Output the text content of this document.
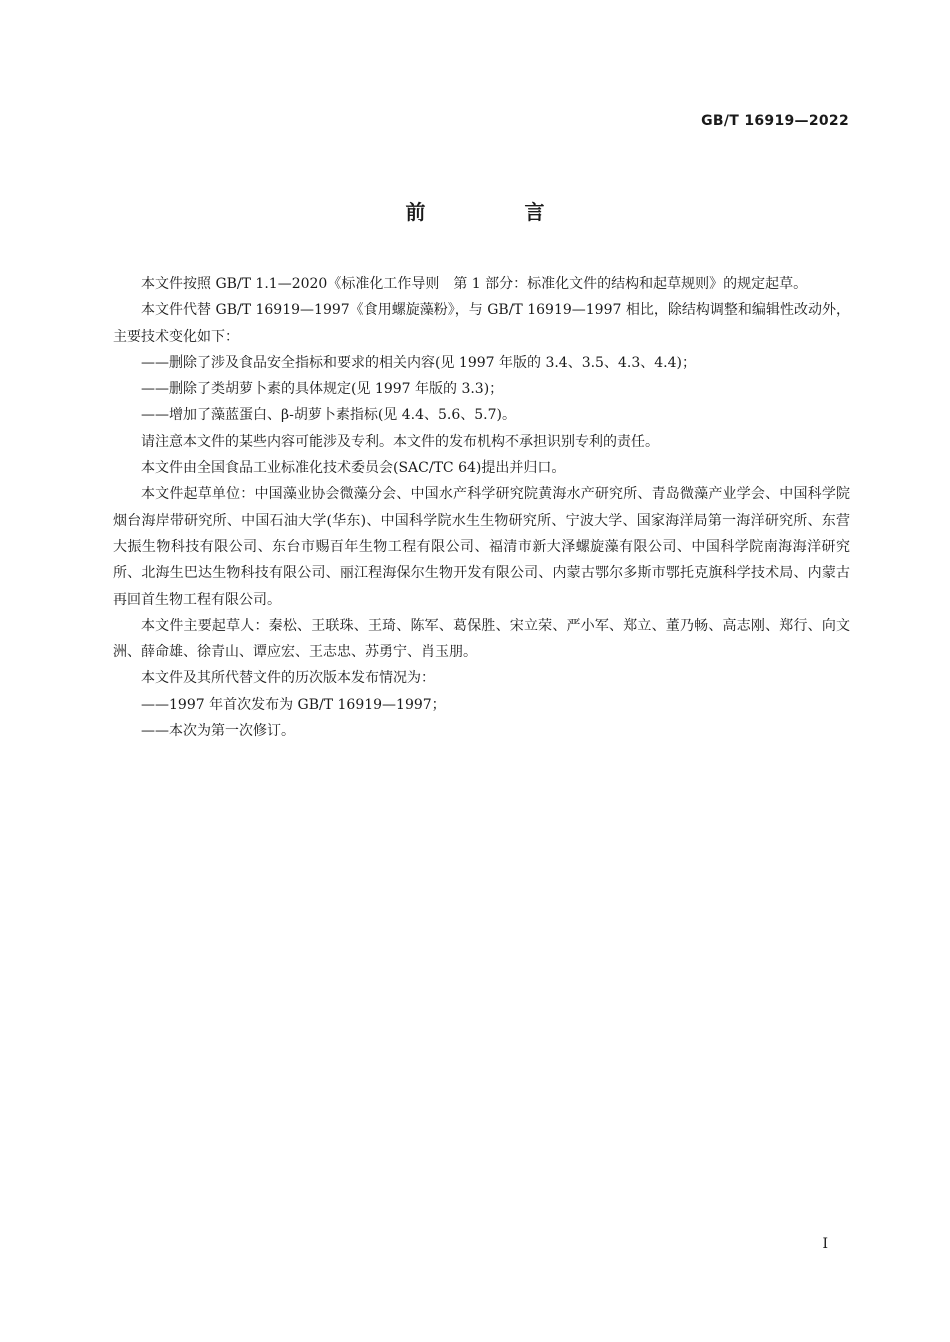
GB/T 16919—2022
前 言

本文件按照 GB/T 1.1—2020《标准化工作导则　第 1 部分：标准化文件的结构和起草规则》的规定起草。

本文件代替 GB/T 16919—1997《食用螺旋藻粉》，与 GB/T 16919—1997 相比，除结构调整和编辑性改动外，主要技术变化如下：

——删除了涉及食品安全指标和要求的相关内容(见 1997 年版的 3.4、3.5、4.3、4.4)；

——删除了类胡萝卜素的具体规定(见 1997 年版的 3.3)；

——增加了藻蓝蛋白、β-胡萝卜素指标(见 4.4、5.6、5.7)。

请注意本文件的某些内容可能涉及专利。本文件的发布机构不承担识别专利的责任。

本文件由全国食品工业标准化技术委员会(SAC/TC 64)提出并归口。

本文件起草单位：中国藻业协会微藻分会、中国水产科学研究院黄海水产研究所、青岛微藻产业学会、中国科学院烟台海岸带研究所、中国石油大学(华东)、中国科学院水生生物研究所、宁波大学、国家海洋局第一海洋研究所、东营大振生物科技有限公司、东台市赐百年生物工程有限公司、福清市新大泽螺旋藻有限公司、中国科学院南海海洋研究所、北海生巴达生物科技有限公司、丽江程海保尔生物开发有限公司、内蒙古鄂尔多斯市鄂托克旗科学技术局、内蒙古再回首生物工程有限公司。

本文件主要起草人：秦松、王联珠、王琦、陈军、葛保胜、宋立荣、严小军、郑立、董乃畅、高志刚、郑行、向文洲、薛命雄、徐青山、谭应宏、王志忠、苏勇宁、肖玉朋。

本文件及其所代替文件的历次版本发布情况为：

——1997 年首次发布为 GB/T 16919—1997；

——本次为第一次修订。

I
